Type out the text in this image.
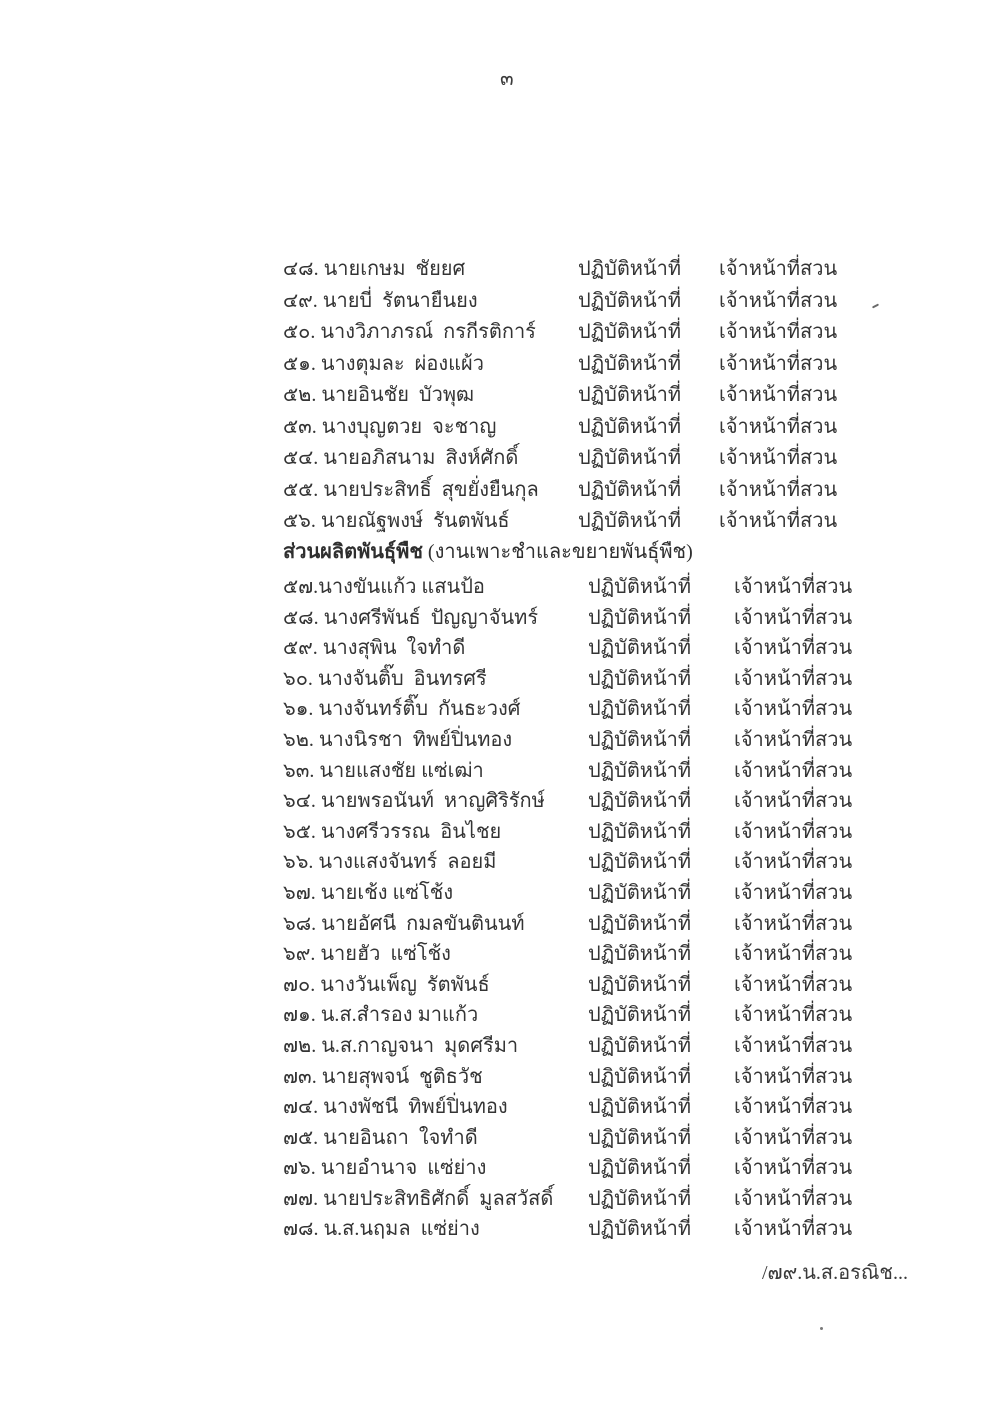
๓
๔๘. นายเกษม  ชัยยศ	ปฏิบัติหน้าที่	เจ้าหน้าที่สวน
๔๙. นายบี่  รัตนายืนยง	ปฏิบัติหน้าที่	เจ้าหน้าที่สวน
๕๐. นางวิภาภรณ์  กรกีรติการ์	ปฏิบัติหน้าที่	เจ้าหน้าที่สวน
๕๑. นางตุมละ  ผ่องแผ้ว	ปฏิบัติหน้าที่	เจ้าหน้าที่สวน
๕๒. นายอินชัย  บัวพุฒ	ปฏิบัติหน้าที่	เจ้าหน้าที่สวน
๕๓. นางบุญตวย  จะชาญ	ปฏิบัติหน้าที่	เจ้าหน้าที่สวน
๕๔. นายอภิสนาม  สิงห์ศักดิ์	ปฏิบัติหน้าที่	เจ้าหน้าที่สวน
๕๕. นายประสิทธิ์  สุขยั่งยืนกุล	ปฏิบัติหน้าที่	เจ้าหน้าที่สวน
๕๖. นายณัฐพงษ์  รันตพันธ์	ปฏิบัติหน้าที่	เจ้าหน้าที่สวน
ส่วนผลิตพันธุ์พืช (งานเพาะชำและขยายพันธุ์พืช)
๕๗.นางขันแก้ว แสนป้อ	ปฏิบัติหน้าที่	เจ้าหน้าที่สวน
๕๘. นางศรีพันธ์  ปัญญาจันทร์	ปฏิบัติหน้าที่	เจ้าหน้าที่สวน
๕๙. นางสุพิน  ใจทำดี	ปฏิบัติหน้าที่	เจ้าหน้าที่สวน
๖๐. นางจันติ๊บ  อินทรศรี	ปฏิบัติหน้าที่	เจ้าหน้าที่สวน
๖๑. นางจันทร์ติ๊บ  กันธะวงศ์	ปฏิบัติหน้าที่	เจ้าหน้าที่สวน
๖๒. นางนิรชา  ทิพย์ปิ่นทอง	ปฏิบัติหน้าที่	เจ้าหน้าที่สวน
๖๓. นายแสงชัย แซ่เฒ่า	ปฏิบัติหน้าที่	เจ้าหน้าที่สวน
๖๔. นายพรอนันท์  หาญศิริรักษ์	ปฏิบัติหน้าที่	เจ้าหน้าที่สวน
๖๕. นางศรีวรรณ  อินไชย	ปฏิบัติหน้าที่	เจ้าหน้าที่สวน
๖๖. นางแสงจันทร์  ลอยมี	ปฏิบัติหน้าที่	เจ้าหน้าที่สวน
๖๗. นายเช้ง แซ่โช้ง	ปฏิบัติหน้าที่	เจ้าหน้าที่สวน
๖๘. นายอัศนี  กมลขันตินนท์	ปฏิบัติหน้าที่	เจ้าหน้าที่สวน
๖๙. นายฮัว  แซ่โช้ง	ปฏิบัติหน้าที่	เจ้าหน้าที่สวน
๗๐. นางวันเพ็ญ  รัตพันธ์	ปฏิบัติหน้าที่	เจ้าหน้าที่สวน
๗๑. น.ส.สำรอง มาแก้ว	ปฏิบัติหน้าที่	เจ้าหน้าที่สวน
๗๒. น.ส.กาญจนา  มุดศรีมา	ปฏิบัติหน้าที่	เจ้าหน้าที่สวน
๗๓. นายสุพจน์  ชูติธวัช	ปฏิบัติหน้าที่	เจ้าหน้าที่สวน
๗๔. นางพัชนี  ทิพย์ปิ่นทอง	ปฏิบัติหน้าที่	เจ้าหน้าที่สวน
๗๕. นายอินถา  ใจทำดี	ปฏิบัติหน้าที่	เจ้าหน้าที่สวน
๗๖. นายอำนาจ  แซ่ย่าง	ปฏิบัติหน้าที่	เจ้าหน้าที่สวน
๗๗. นายประสิทธิศักดิ์  มูลสวัสดิ์	ปฏิบัติหน้าที่	เจ้าหน้าที่สวน
๗๘. น.ส.นฤมล  แซ่ย่าง	ปฏิบัติหน้าที่	เจ้าหน้าที่สวน
/๗๙.น.ส.อรณิช...
